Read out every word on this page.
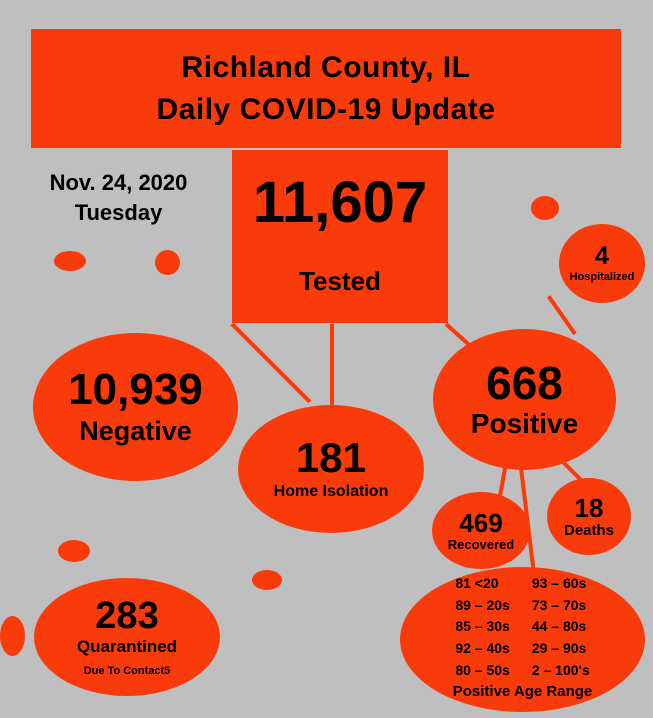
Richland County, IL
Daily COVID-19 Update
Nov. 24, 2020
Tuesday	11,607
Tested
10,939
Negative
668
Positive
4
Hospitalized
181
Home Isolation
469
Recovered
18
Deaths
283
Quarantined
Due To Contact5
81 <20
89 – 20s
85 – 30s
92 – 40s
80 – 50s
93 – 60s
73 – 70s
44 – 80s
29 – 90s
2 – 100's
Positive Age Range
